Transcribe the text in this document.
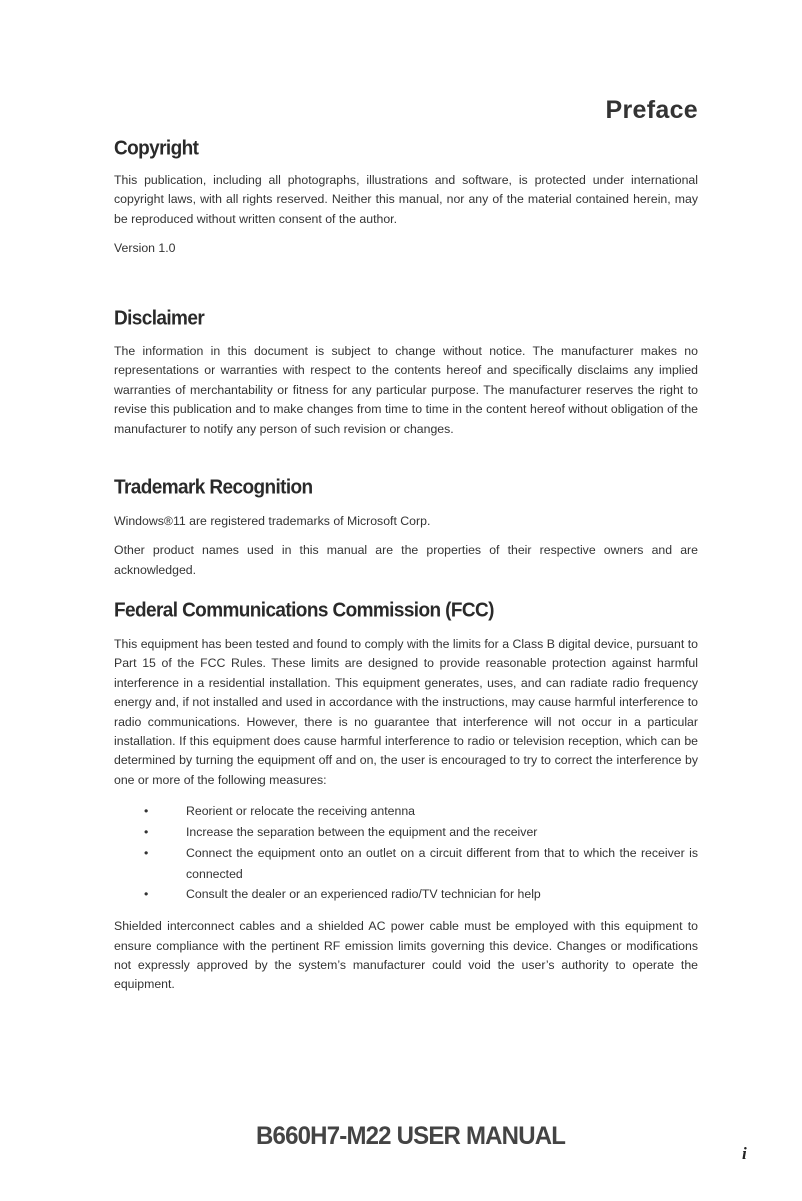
Preface
Copyright

This publication, including all photographs, illustrations and software, is protected under international copyright laws, with all rights reserved. Neither this manual, nor any of the material contained herein, may be reproduced without written consent of the author.

Version 1.0

Disclaimer

The information in this document is subject to change without notice. The manufacturer makes no representations or warranties with respect to the contents hereof and specifically disclaims any implied warranties of merchantability or fitness for any particular purpose. The manufacturer reserves the right to revise this publication and to make changes from time to time in the content hereof without obligation of the manufacturer to notify any person of such revision or changes.

Trademark Recognition

Windows®11 are registered trademarks of Microsoft Corp.

Other product names used in this manual are the properties of their respective owners and are acknowledged.

Federal Communications Commission (FCC)

This equipment has been tested and found to comply with the limits for a Class B digital device, pursuant to Part 15 of the FCC Rules. These limits are designed to provide reasonable protection against harmful interference in a residential installation. This equipment generates, uses, and can radiate radio frequency energy and, if not installed and used in accordance with the instructions, may cause harmful interference to radio communications. However, there is no guarantee that interference will not occur in a particular installation. If this equipment does cause harmful interference to radio or television reception, which can be determined by turning the equipment off and on, the user is encouraged to try to correct the interference by one or more of the following measures:

•	Reorient or relocate the receiving antenna
•	Increase the separation between the equipment and the receiver
•	Connect the equipment onto an outlet on a circuit different from that to which the receiver is connected
•	Consult the dealer or an experienced radio/TV technician for help

Shielded interconnect cables and a shielded AC power cable must be employed with this equipment to ensure compliance with the pertinent RF emission limits governing this device. Changes or modifications not expressly approved by the system’s manufacturer could void the user’s authority to operate the equipment.

B660H7-M22 USER MANUAL

i
